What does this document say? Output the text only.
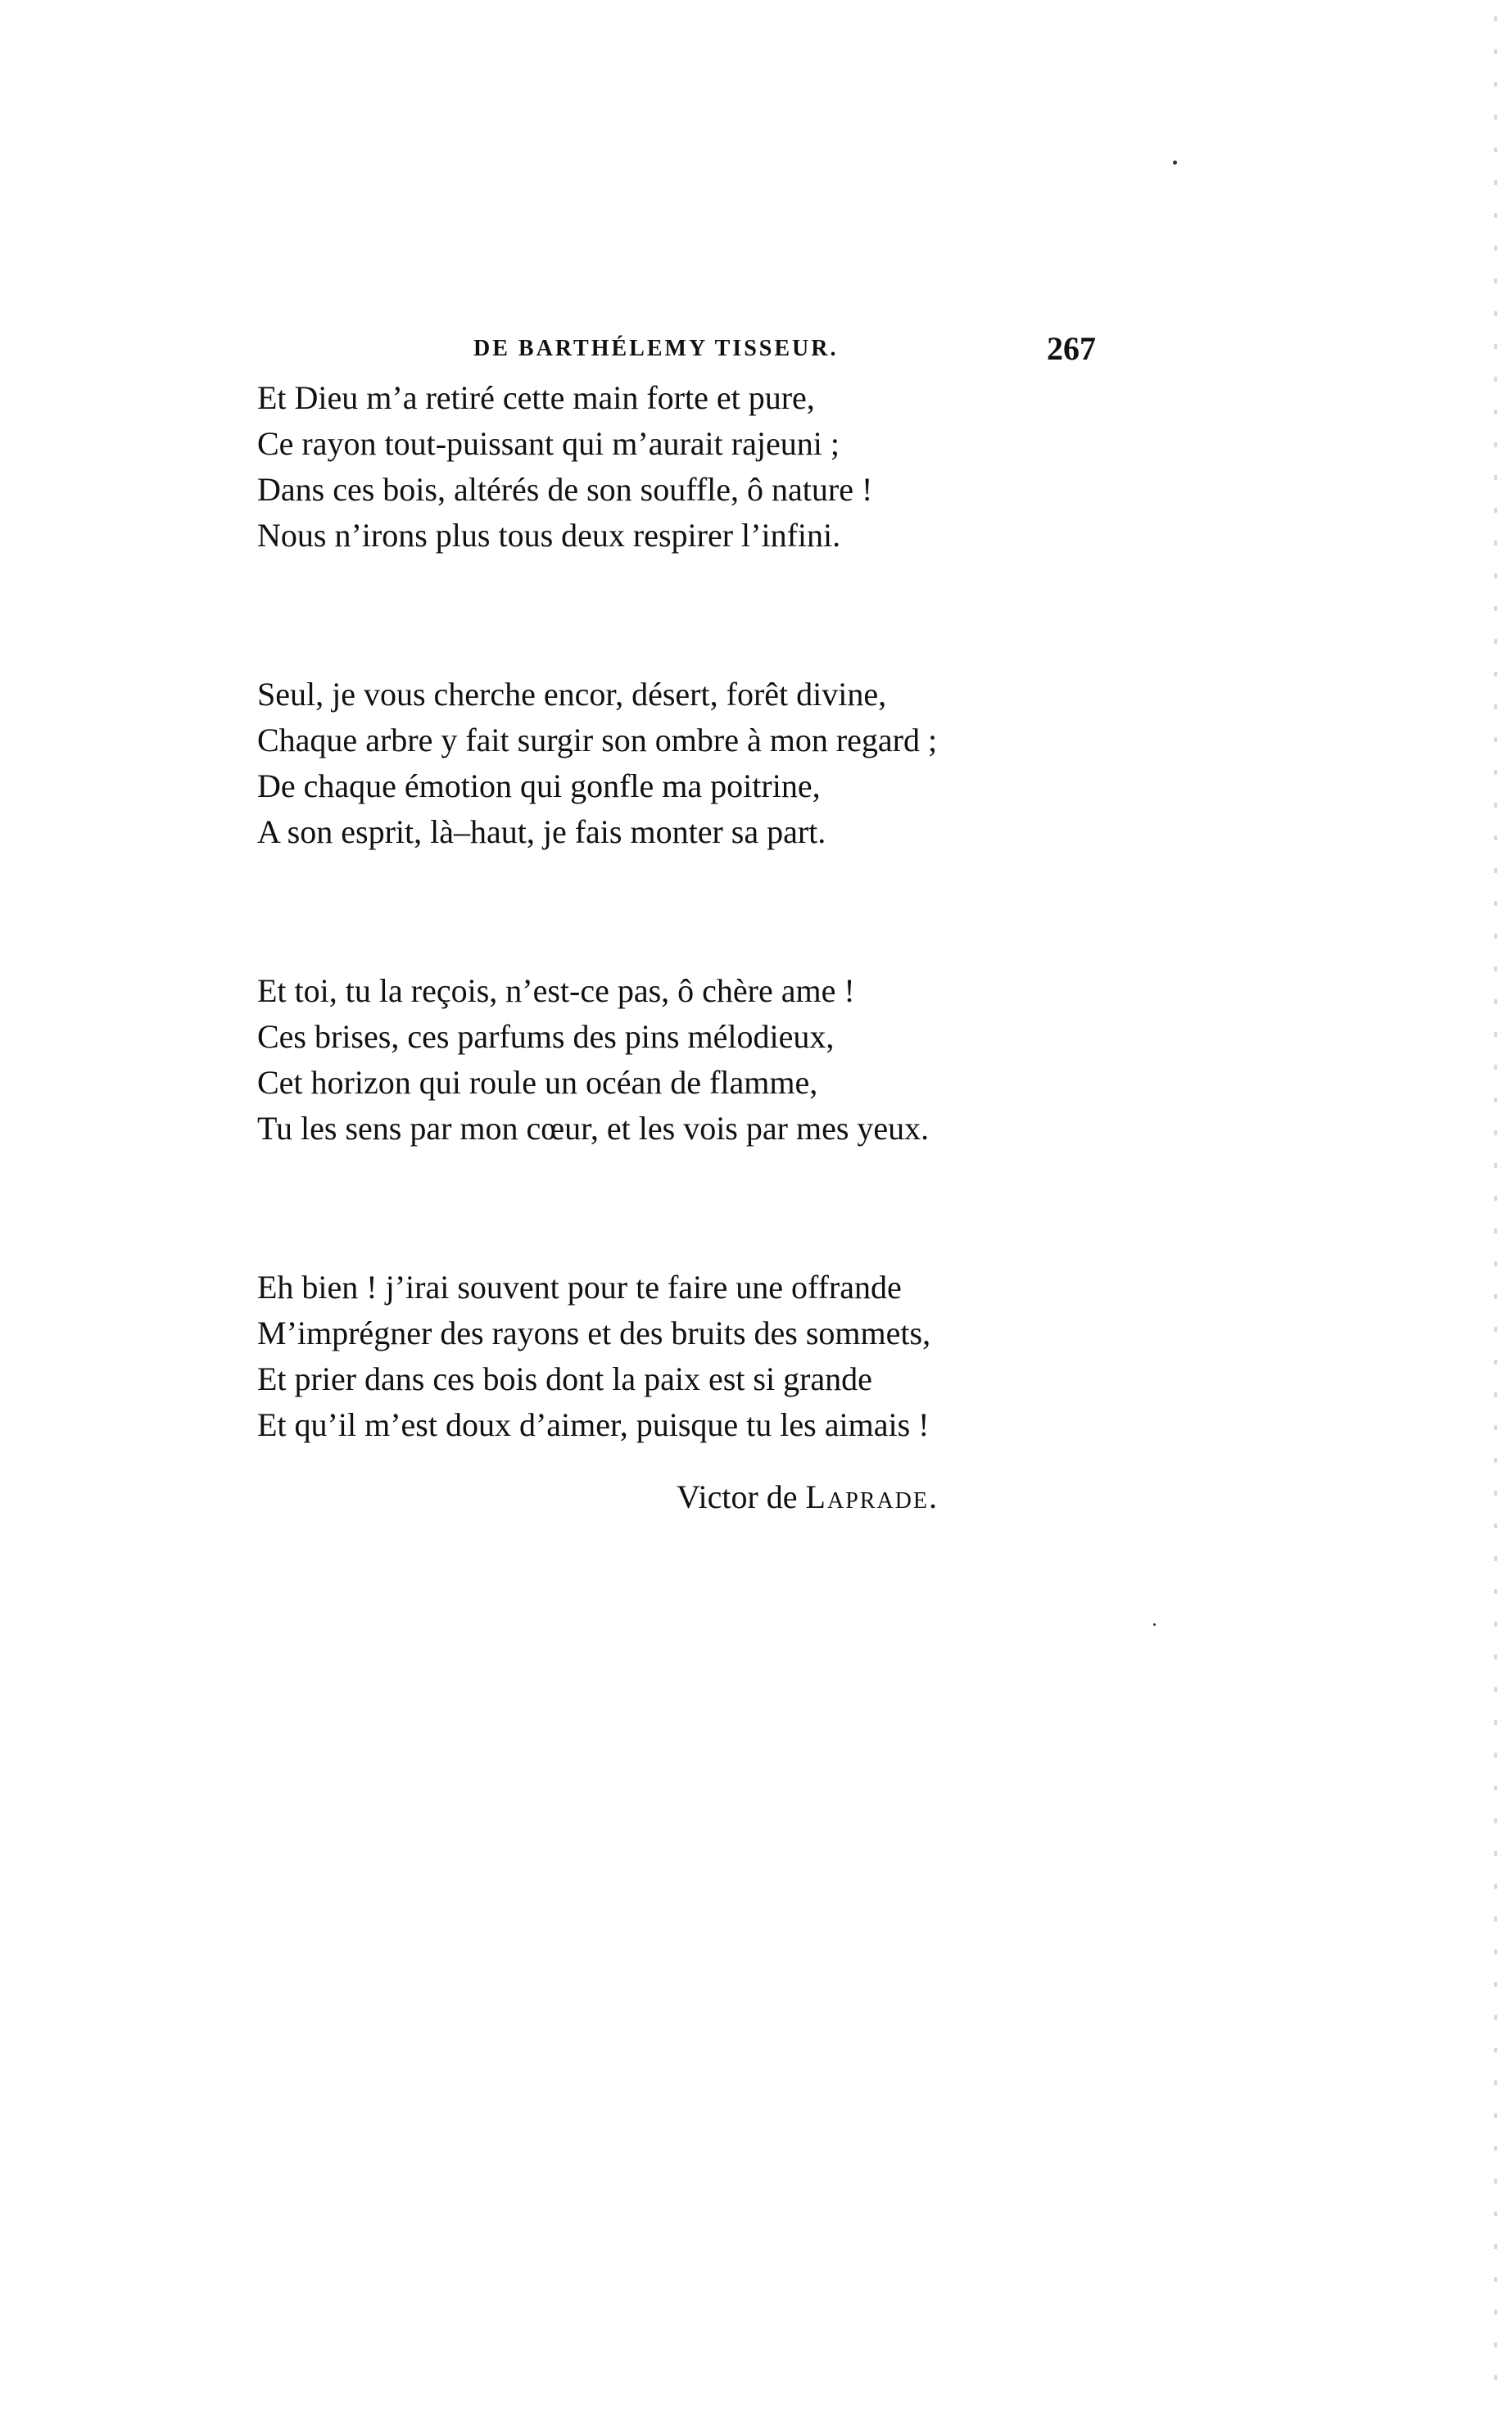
DE BARTHÉLEMY TISSEUR.	267
Et Dieu m’a retiré cette main forte et pure,
Ce rayon tout-puissant qui m’aurait rajeuni ;
Dans ces bois, altérés de son souffle, ô nature !
Nous n’irons plus tous deux respirer l’infini.
Seul, je vous cherche encor, désert, forêt divine,
Chaque arbre y fait surgir son ombre à mon regard ;
De chaque émotion qui gonfle ma poitrine,
A son esprit, là–haut, je fais monter sa part.
Et toi, tu la reçois, n’est-ce pas, ô chère ame !
Ces brises, ces parfums des pins mélodieux,
Cet horizon qui roule un océan de flamme,
Tu les sens par mon cœur, et les vois par mes yeux.
Eh bien ! j’irai souvent pour te faire une offrande
M’imprégner des rayons et des bruits des sommets,
Et prier dans ces bois dont la paix est si grande
Et qu’il m’est doux d’aimer, puisque tu les aimais !
Victor de Laprade.
